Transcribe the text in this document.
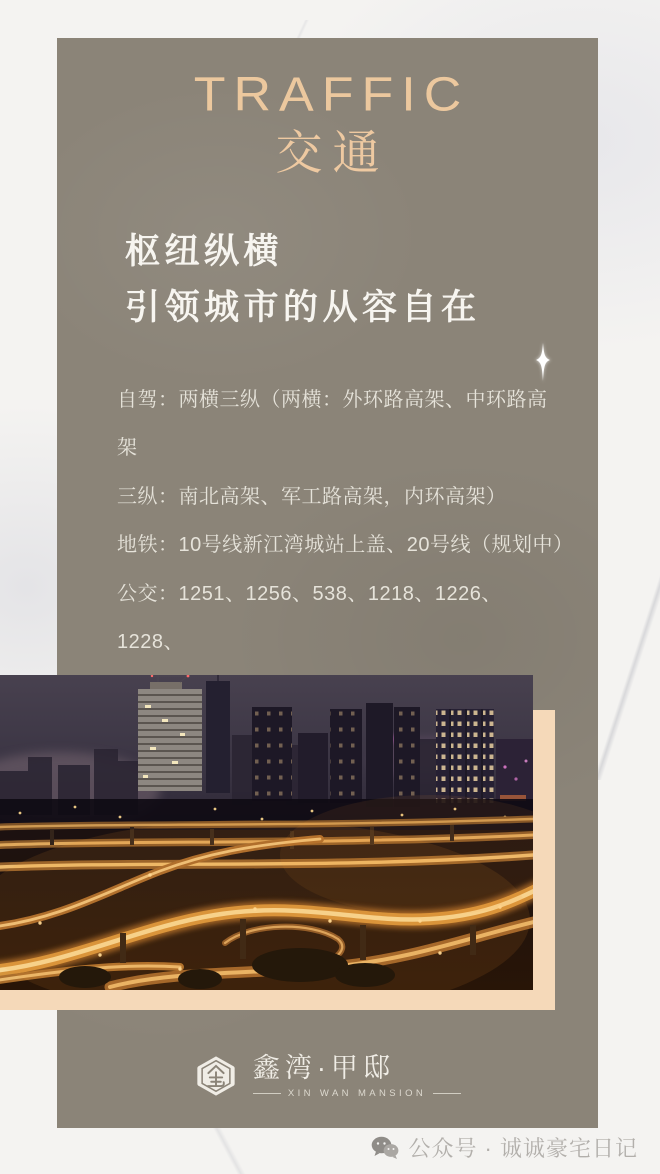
TRAFFIC
交通
枢纽纵横
引领城市的从容自在
自驾：两横三纵（两横：外环路高架、中环路高架
三纵：南北高架、军工路高架，内环高架）
地铁：10号线新江湾城站上盖、20号线（规划中）
公交：1251、1256、538、1218、1226、1228、
鑫湾·甲邸
XIN WAN MANSION
公众号 · 诚诚豪宅日记
